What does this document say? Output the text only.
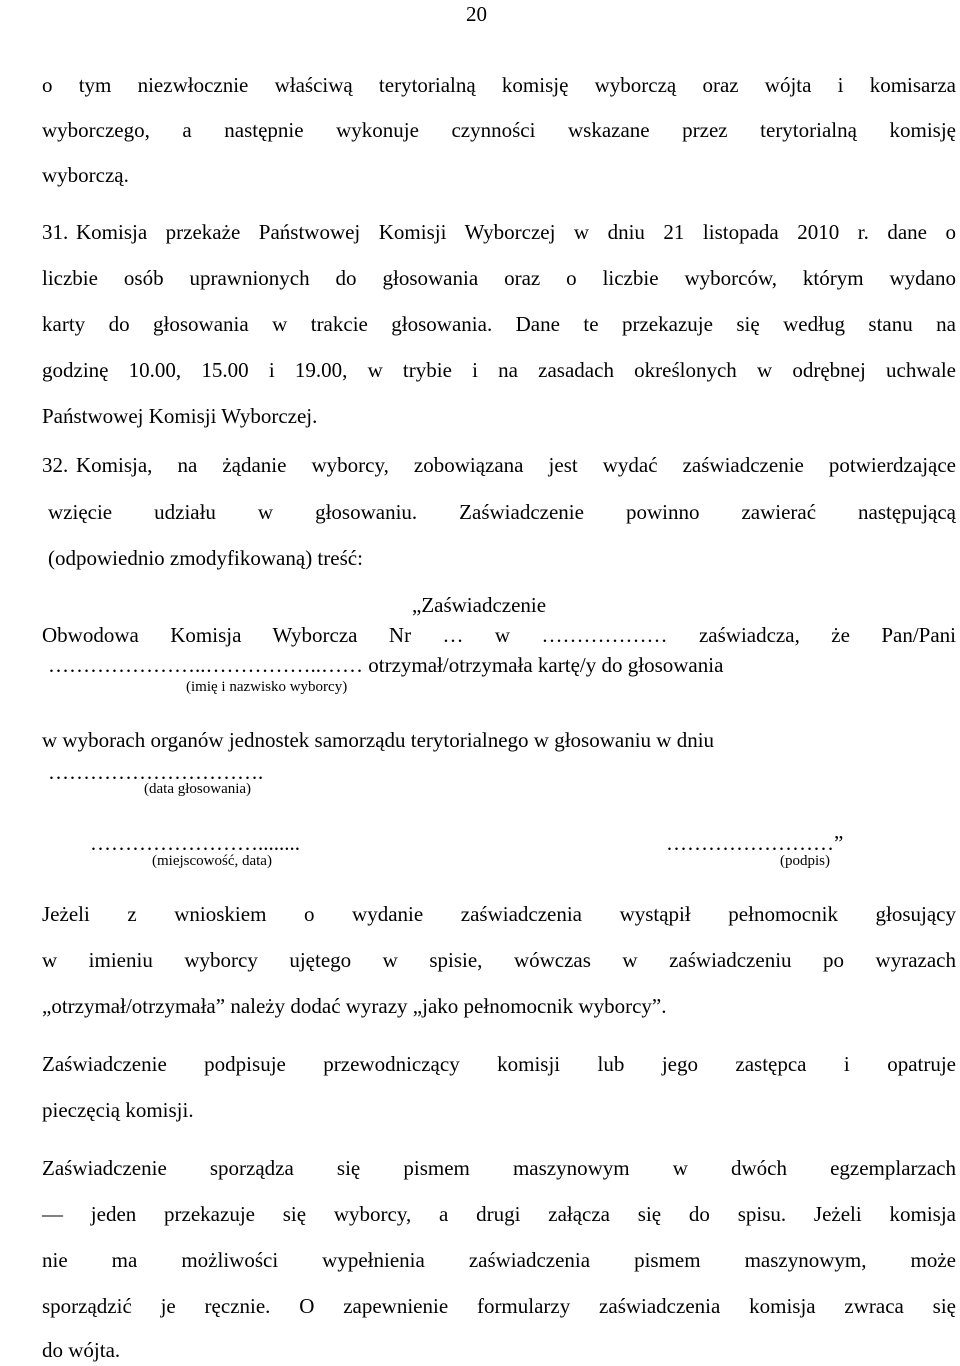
20
o tym niezwłocznie właściwą terytorialną komisję wyborczą oraz wójta i komisarza
wyborczego, a następnie wykonuje czynności wskazane przez terytorialną komisję
wyborczą.
31. Komisja przekaże Państwowej Komisji Wyborczej w dniu 21 listopada 2010 r. dane o
liczbie osób uprawnionych do głosowania oraz o liczbie wyborców, którym wydano
karty do głosowania w trakcie głosowania. Dane te przekazuje się według stanu na
godzinę 10.00, 15.00 i 19.00, w trybie i na zasadach określonych w odrębnej uchwale
Państwowej Komisji Wyborczej.
32. Komisja, na żądanie wyborcy, zobowiązana jest wydać zaświadczenie potwierdzające
wzięcie udziału w głosowaniu. Zaświadczenie powinno zawierać następującą
(odpowiednio zmodyfikowaną) treść:
„Zaświadczenie
Obwodowa Komisja Wyborcza Nr … w ……………… zaświadcza, że Pan/Pani
…………………..……………..…… otrzymał/otrzymała kartę/y do głosowania
(imię i nazwisko wyborcy)
w wyborach organów jednostek samorządu terytorialnego w głosowaniu w dniu
………………………….
(data głosowania)
……………………........
(miejscowość, data)
……………………”
(podpis)
Jeżeli z wnioskiem o wydanie zaświadczenia wystąpił pełnomocnik głosujący
w imieniu wyborcy ujętego w spisie, wówczas w zaświadczeniu po wyrazach
„otrzymał/otrzymała” należy dodać wyrazy „jako pełnomocnik wyborcy”.
Zaświadczenie podpisuje przewodniczący komisji lub jego zastępca i opatruje
pieczęcią komisji.
Zaświadczenie sporządza się pismem maszynowym w dwóch egzemplarzach
— jeden przekazuje się wyborcy, a drugi załącza się do spisu. Jeżeli komisja
nie ma możliwości wypełnienia zaświadczenia pismem maszynowym, może
sporządzić je ręcznie. O zapewnienie formularzy zaświadczenia komisja zwraca się
do wójta.
